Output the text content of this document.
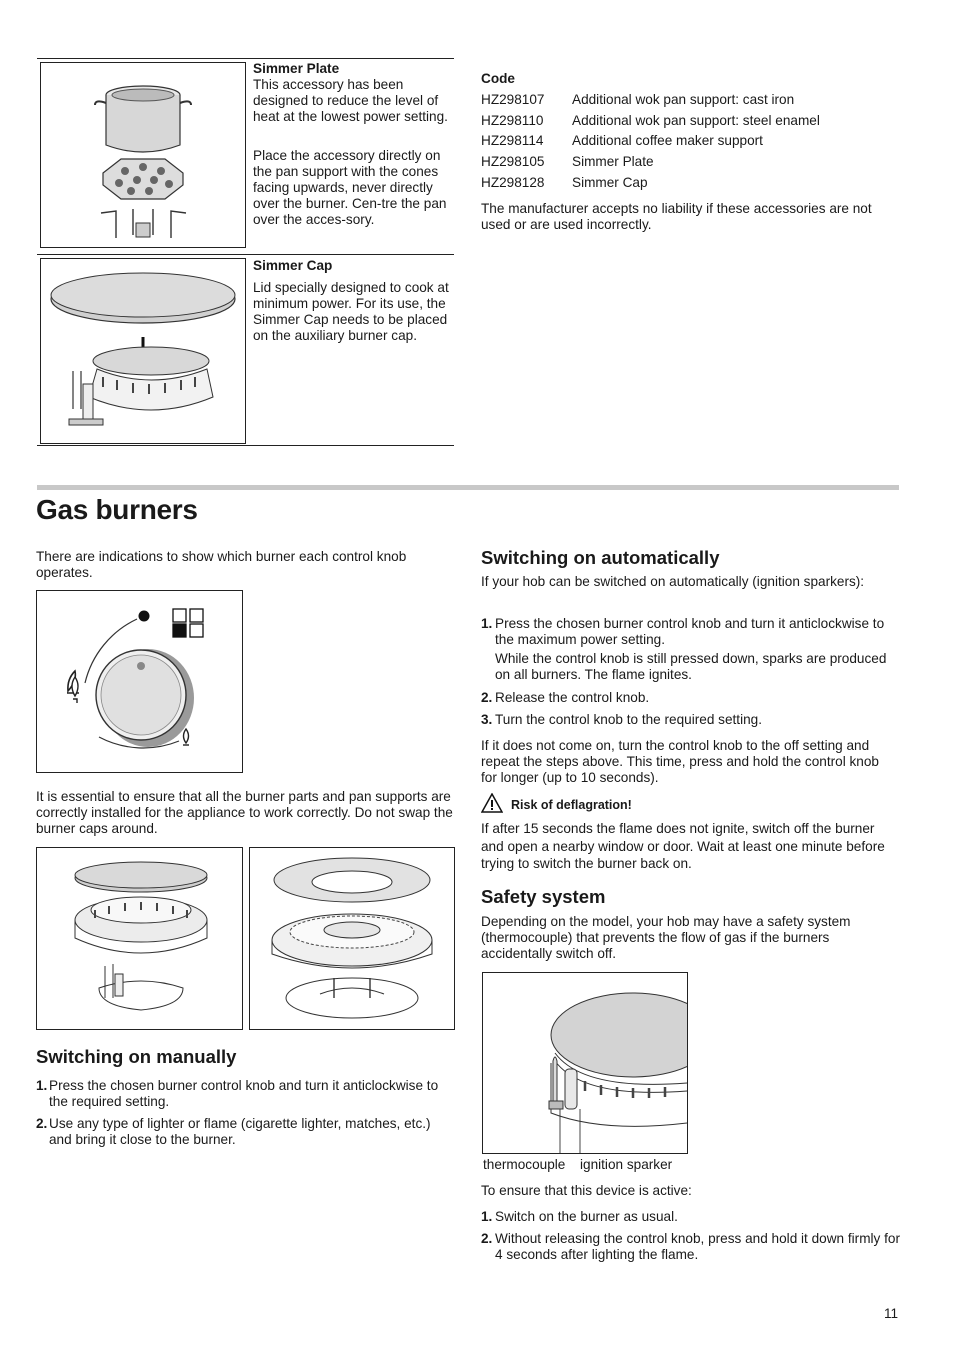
Simmer Plate

This accessory has been designed to reduce the level of heat at the lowest power setting.

Place the accessory directly on the pan support with the cones facing upwards, never directly over the burner. Cen-tre the pan over the acces-sory.

Simmer Cap

Lid specially designed to cook at minimum power. For its use, the Simmer Cap needs to be placed on the auxiliary burner cap.

Code
HZ298107 Additional wok pan support: cast iron
HZ298110 Additional wok pan support: steel enamel
HZ298114 Additional coffee maker support
HZ298105 Simmer Plate
HZ298128 Simmer Cap

The manufacturer accepts no liability if these accessories are not used or are used incorrectly.

Gas burners

There are indications to show which burner each control knob operates.

It is essential to ensure that all the burner parts and pan supports are correctly installed for the appliance to work correctly. Do not swap the burner caps around.

Switching on manually
1. Press the chosen burner control knob and turn it anticlockwise to the required setting.

2. Use any type of lighter or flame (cigarette lighter, matches, etc.) and bring it close to the burner.

Switching on automatically

If your hob can be switched on automatically (ignition sparkers):

1. Press the chosen burner control knob and turn it anticlockwise to the maximum power setting.

While the control knob is still pressed down, sparks are produced on all burners. The flame ignites.

2. Release the control knob.

3. Turn the control knob to the required setting.

If it does not come on, turn the control knob to the off setting and repeat the steps above. This time, press and hold the control knob for longer (up to 10 seconds).

Risk of deflagration!

If after 15 seconds the flame does not ignite, switch off the burner and open a nearby window or door. Wait at least one minute before trying to switch the burner back on.

Safety system

Depending on the model, your hob may have a safety system (thermocouple) that prevents the flow of gas if the burners accidentally switch off.

thermocouple ignition sparker

To ensure that this device is active:

1. Switch on the burner as usual.

2. Without releasing the control knob, press and hold it down firmly for 4 seconds after lighting the flame.

11
